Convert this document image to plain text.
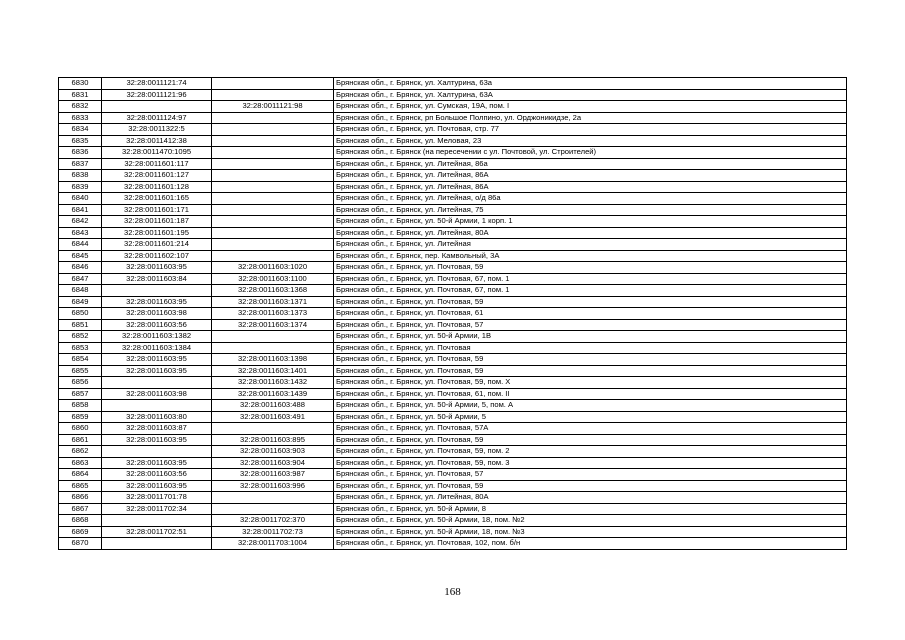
6830	32:28:0011121:74		Брянская обл., г. Брянск, ул. Халтурина, 63а
6831	32:28:0011121:96		Брянская обл., г. Брянск, ул. Халтурина, 63А
6832		32:28:0011121:98	Брянская обл., г. Брянск, ул. Сумская, 19А, пом. I
6833	32:28:0011124:97		Брянская обл., г. Брянск, рп Большое Полпино, ул. Орджоникидзе, 2а
6834	32:28:0011322:5		Брянская обл., г. Брянск, ул. Почтовая, стр. 77
6835	32:28:0011412:38		Брянская обл., г. Брянск, ул. Меловая, 23
6836	32:28:0011470:1095		Брянская обл., г. Брянск (на пересечении с ул. Почтовой, ул. Строителей)
6837	32:28:0011601:117		Брянская обл., г. Брянск, ул. Литейная, 86а
6838	32:28:0011601:127		Брянская обл., г. Брянск, ул. Литейная, 86А
6839	32:28:0011601:128		Брянская обл., г. Брянск, ул. Литейная, 86А
6840	32:28:0011601:165		Брянская обл., г. Брянск, ул. Литейная, о/д 86а
6841	32:28:0011601:171		Брянская обл., г. Брянск, ул. Литейная, 75
6842	32:28:0011601:187		Брянская обл., г. Брянск, ул. 50-й Армии, 1 корп. 1
6843	32:28:0011601:195		Брянская обл., г. Брянск, ул. Литейная, 80А
6844	32:28:0011601:214		Брянская обл., г. Брянск, ул. Литейная
6845	32:28:0011602:107		Брянская обл., г. Брянск, пер. Камвольный, 3А
6846	32:28:0011603:95	32:28:0011603:1020	Брянская обл., г. Брянск, ул. Почтовая, 59
6847	32:28:0011603:84	32:28:0011603:1100	Брянская обл., г. Брянск, ул. Почтовая, 67, пом. 1
6848		32:28:0011603:1368	Брянская обл., г. Брянск, ул. Почтовая, 67, пом. 1
6849	32:28:0011603:95	32:28:0011603:1371	Брянская обл., г. Брянск, ул. Почтовая, 59
6850	32:28:0011603:98	32:28:0011603:1373	Брянская обл., г. Брянск, ул. Почтовая, 61
6851	32:28:0011603:56	32:28:0011603:1374	Брянская обл., г. Брянск, ул. Почтовая, 57
6852	32:28:0011603:1382		Брянская обл., г. Брянск, ул. 50-й Армии, 1В
6853	32:28:0011603:1384		Брянская обл., г. Брянск, ул. Почтовая
6854	32:28:0011603:95	32:28:0011603:1398	Брянская обл., г. Брянск, ул. Почтовая, 59
6855	32:28:0011603:95	32:28:0011603:1401	Брянская обл., г. Брянск, ул. Почтовая, 59
6856		32:28:0011603:1432	Брянская обл., г. Брянск, ул. Почтовая, 59, пом. X
6857	32:28:0011603:98	32:28:0011603:1439	Брянская обл., г. Брянск, ул. Почтовая, 61, пом. II
6858		32:28:0011603:488	Брянская обл., г. Брянск, ул. 50-й Армии, 5, пом. А
6859	32:28:0011603:80	32:28:0011603:491	Брянская обл., г. Брянск, ул. 50-й Армии, 5
6860	32:28:0011603:87		Брянская обл., г. Брянск, ул. Почтовая, 57А
6861	32:28:0011603:95	32:28:0011603:895	Брянская обл., г. Брянск, ул. Почтовая, 59
6862		32:28:0011603:903	Брянская обл., г. Брянск, ул. Почтовая, 59, пом. 2
6863	32:28:0011603:95	32:28:0011603:904	Брянская обл., г. Брянск, ул. Почтовая, 59, пом. 3
6864	32:28:0011603:56	32:28:0011603:987	Брянская обл., г. Брянск, ул. Почтовая, 57
6865	32:28:0011603:95	32:28:0011603:996	Брянская обл., г. Брянск, ул. Почтовая, 59
6866	32:28:0011701:78		Брянская обл., г. Брянск, ул. Литейная, 80А
6867	32:28:0011702:34		Брянская обл., г. Брянск, ул. 50-й Армии, 8
6868		32:28:0011702:370	Брянская обл., г. Брянск, ул. 50-й Армии, 18, пом. №2
6869	32:28:0011702:51	32:28:0011702:73	Брянская обл., г. Брянск, ул. 50-й Армии, 18, пом. №3
6870		32:28:0011703:1004	Брянская обл., г. Брянск, ул. Почтовая, 102, пом. б/н
168
